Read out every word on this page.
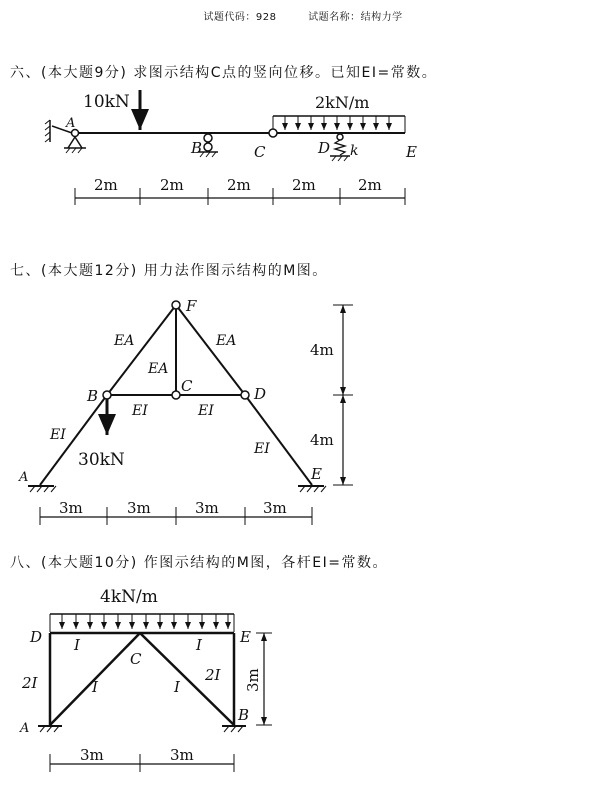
试题代码：928	试题名称：结构力学
六、(本大题9分) 求图示结构C点的竖向位移。已知EI=常数。
10kN	2kN/m
A
B	C	D k	E
2m	2m	2m	2m	2m
七、(本大题12分) 用力法作图示结构的M图。
30kN
F
B
C	D
A	E
EA	EA
EA
EI	EI
EI
EI
4m
4m
3m	3m	3m	3m
八、(本大题10分) 作图示结构的M图，各杆EI=常数。
4kN/m
D	E
C
A
B
I	I
2I	2I
I	I	3m
3m	3m
